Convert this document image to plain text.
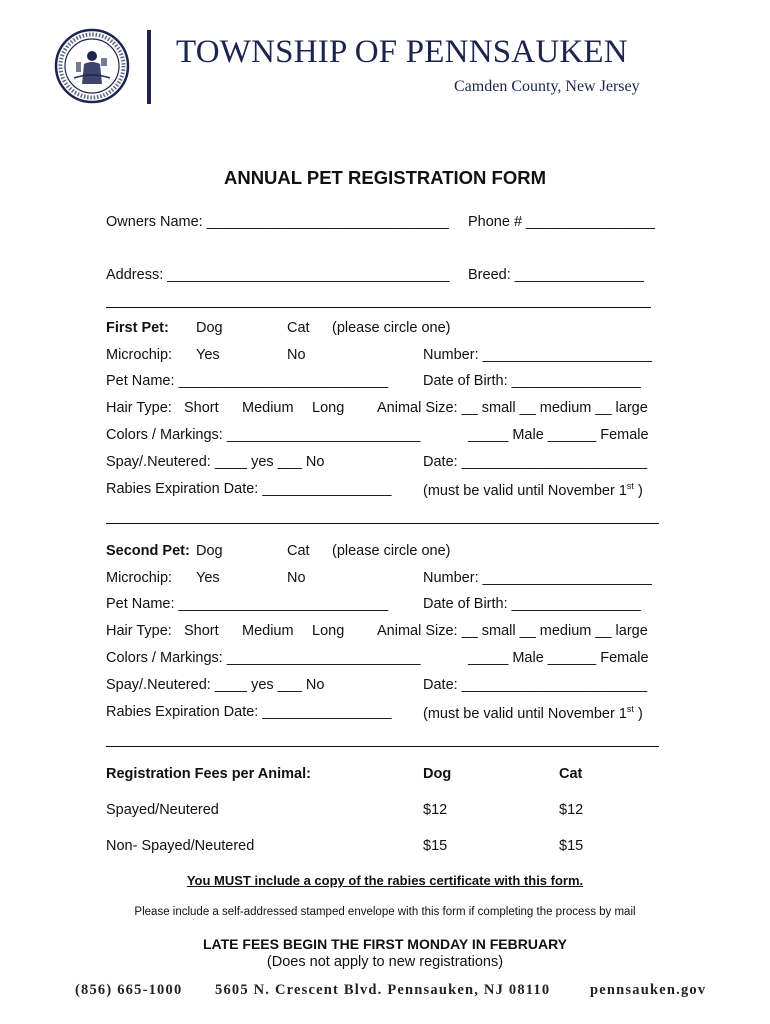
TOWNSHIP OF PENNSAUKEN
Camden County, New Jersey
ANNUAL PET REGISTRATION FORM
Owners Name: ______________________________ Phone # ________________
Address: ___________________________________ Breed: ________________
First Pet: Dog	Cat (please circle one)
Microchip: Yes	No	Number: _____________________
Pet Name: __________________________ Date of Birth: ________________
Hair Type: Short Medium Long Animal Size: __ small __ medium __ large
Colors / Markings: ________________________	_____ Male ______ Female
Spay/.Neutered: ____ yes ___ No	Date: _______________________
Rabies Expiration Date: ________________ (must be valid until November 1st )
Second Pet: Dog	Cat (please circle one)
Microchip: Yes	No	Number: _____________________
Pet Name: __________________________ Date of Birth: ________________
Hair Type: Short Medium Long Animal Size: __ small __ medium __ large
Colors / Markings: ________________________	_____ Male ______ Female
Spay/.Neutered: ____ yes ___ No	Date: _______________________
Rabies Expiration Date: ________________ (must be valid until November 1st )
Registration Fees per Animal:	Dog	Cat
Spayed/Neutered	$12	$12
Non- Spayed/Neutered	$15	$15
You MUST include a copy of the rabies certificate with this form.
Please include a self-addressed stamped envelope with this form if completing the process by mail
LATE FEES BEGIN THE FIRST MONDAY IN FEBRUARY
(Does not apply to new registrations)
(856) 665-1000 5605 N. Crescent Blvd. Pennsauken, NJ 08110	pennsauken.gov
